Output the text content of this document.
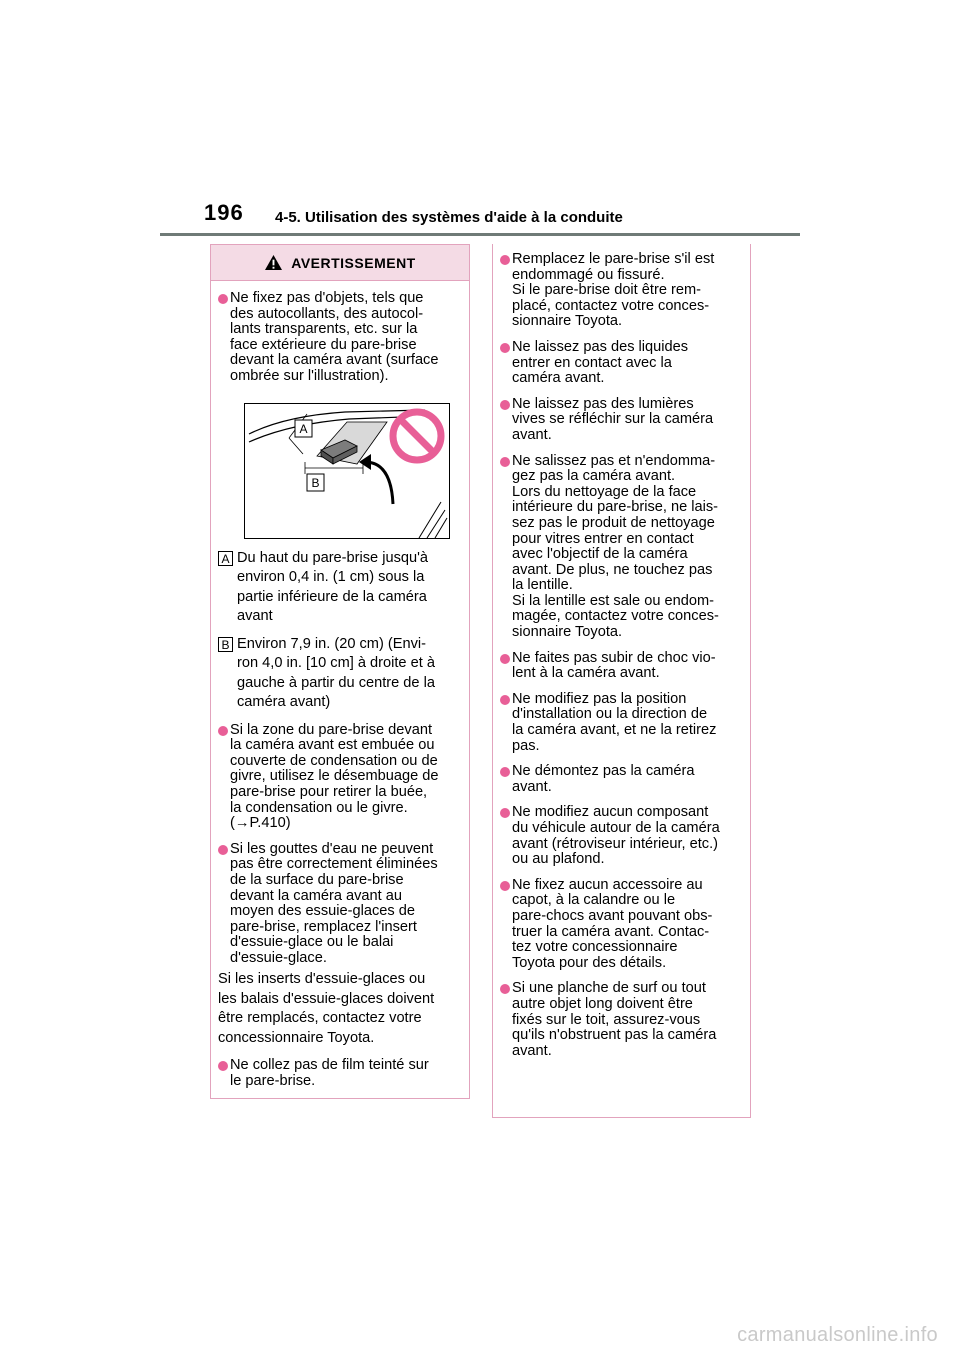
196 4-5. Utilisation des systèmes d'aide à la conduite
AVERTISSEMENT

Ne fixez pas d'objets, tels que
des autocollants, des autocol-
lants transparents, etc. sur la
face extérieure du pare-brise
devant la caméra avant (surface
ombrée sur l'illustration).

A
B
A Du haut du pare-brise jusqu'à
environ 0,4 in. (1 cm) sous la
partie inférieure de la caméra
avant
B Environ 7,9 in. (20 cm) (Envi-
ron 4,0 in. [10 cm] à droite et à
gauche à partir du centre de la
caméra avant)

Si la zone du pare-brise devant
la caméra avant est embuée ou
couverte de condensation ou de
givre, utilisez le désembuage de
pare-brise pour retirer la buée,
la condensation ou le givre.
(→P.410)

Si les gouttes d'eau ne peuvent
pas être correctement éliminées
de la surface du pare-brise
devant la caméra avant au
moyen des essuie-glaces de
pare-brise, remplacez l'insert
d'essuie-glace ou le balai
d'essuie-glace.

Si les inserts d'essuie-glaces ou
les balais d'essuie-glaces doivent
être remplacés, contactez votre
concessionnaire Toyota.

Ne collez pas de film teinté sur
le pare-brise.

Remplacez le pare-brise s'il est
endommagé ou fissuré.
Si le pare-brise doit être rem-
placé, contactez votre conces-
sionnaire Toyota.

Ne laissez pas des liquides
entrer en contact avec la
caméra avant.

Ne laissez pas des lumières
vives se réfléchir sur la caméra
avant.

Ne salissez pas et n'endomma-
gez pas la caméra avant.
Lors du nettoyage de la face
intérieure du pare-brise, ne lais-
sez pas le produit de nettoyage
pour vitres entrer en contact
avec l'objectif de la caméra
avant. De plus, ne touchez pas
la lentille.
Si la lentille est sale ou endom-
magée, contactez votre conces-
sionnaire Toyota.

Ne faites pas subir de choc vio-
lent à la caméra avant.

Ne modifiez pas la position
d'installation ou la direction de
la caméra avant, et ne la retirez
pas.

Ne démontez pas la caméra
avant.

Ne modifiez aucun composant
du véhicule autour de la caméra
avant (rétroviseur intérieur, etc.)
ou au plafond.

Ne fixez aucun accessoire au
capot, à la calandre ou le
pare-chocs avant pouvant obs-
truer la caméra avant. Contac-
tez votre concessionnaire
Toyota pour des détails.

Si une planche de surf ou tout
autre objet long doivent être
fixés sur le toit, assurez-vous
qu'ils n'obstruent pas la caméra
avant.

carmanualsonline.info
